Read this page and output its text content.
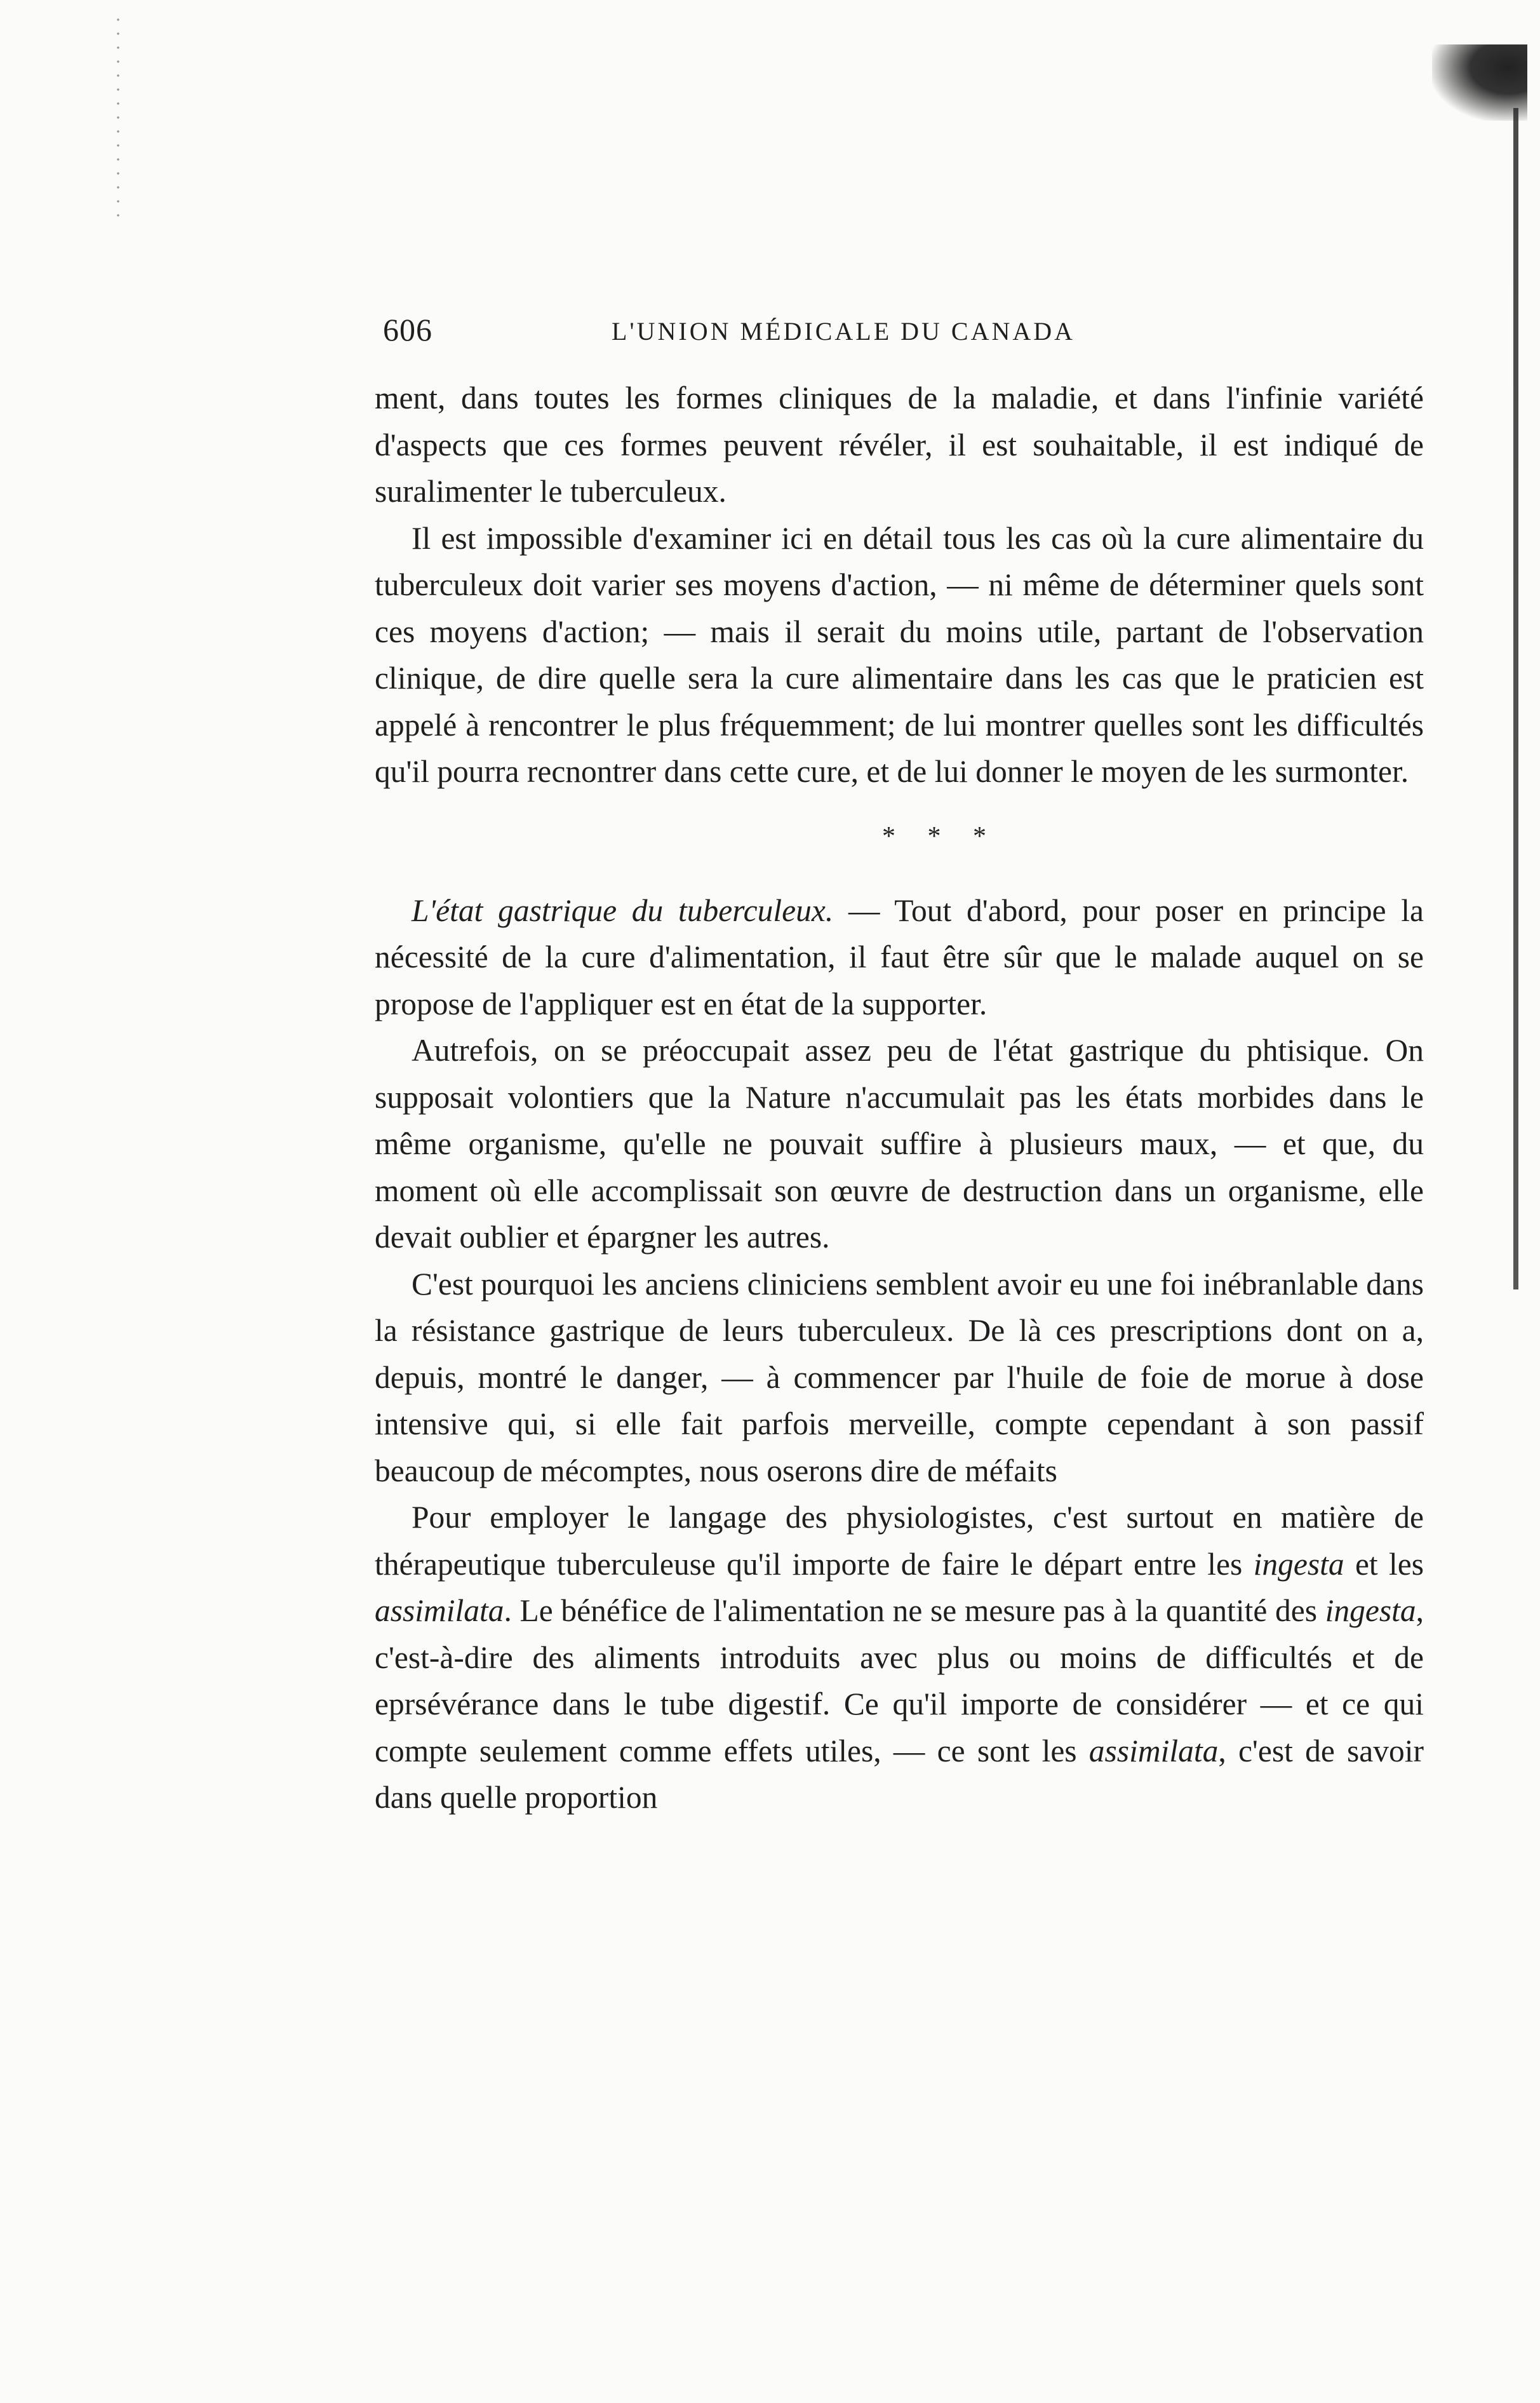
606	L'UNION MÉDICALE DU CANADA

ment, dans toutes les formes cliniques de la maladie, et dans l'infinie variété d'aspects que ces formes peuvent révéler, il est souhaitable, il est indiqué de suralimenter le tuberculeux.

Il est impossible d'examiner ici en détail tous les cas où la cure alimentaire du tuberculeux doit varier ses moyens d'action, — ni même de déterminer quels sont ces moyens d'action; — mais il serait du moins utile, partant de l'observation clinique, de dire quelle sera la cure alimentaire dans les cas que le praticien est appelé à rencontrer le plus fréquemment; de lui montrer quelles sont les difficultés qu'il pourra recnontrer dans cette cure, et de lui donner le moyen de les surmonter.

* * *

L'état gastrique du tuberculeux. — Tout d'abord, pour poser en principe la nécessité de la cure d'alimentation, il faut être sûr que le malade auquel on se propose de l'appliquer est en état de la supporter.

Autrefois, on se préoccupait assez peu de l'état gastrique du phtisique. On supposait volontiers que la Nature n'accumulait pas les états morbides dans le même organisme, qu'elle ne pouvait suffire à plusieurs maux, — et que, du moment où elle accomplissait son œuvre de destruction dans un organisme, elle devait oublier et épargner les autres.

C'est pourquoi les anciens cliniciens semblent avoir eu une foi inébranlable dans la résistance gastrique de leurs tuberculeux. De là ces prescriptions dont on a, depuis, montré le danger, — à commencer par l'huile de foie de morue à dose intensive qui, si elle fait parfois merveille, compte cependant à son passif beaucoup de mécomptes, nous oserons dire de méfaits

Pour employer le langage des physiologistes, c'est surtout en matière de thérapeutique tuberculeuse qu'il importe de faire le départ entre les ingesta et les assimilata. Le bénéfice de l'alimentation ne se mesure pas à la quantité des ingesta, c'est-à-dire des aliments introduits avec plus ou moins de difficultés et de eprsévérance dans le tube digestif. Ce qu'il importe de considérer — et ce qui compte seulement comme effets utiles, — ce sont les assimilata, c'est de savoir dans quelle proportion
